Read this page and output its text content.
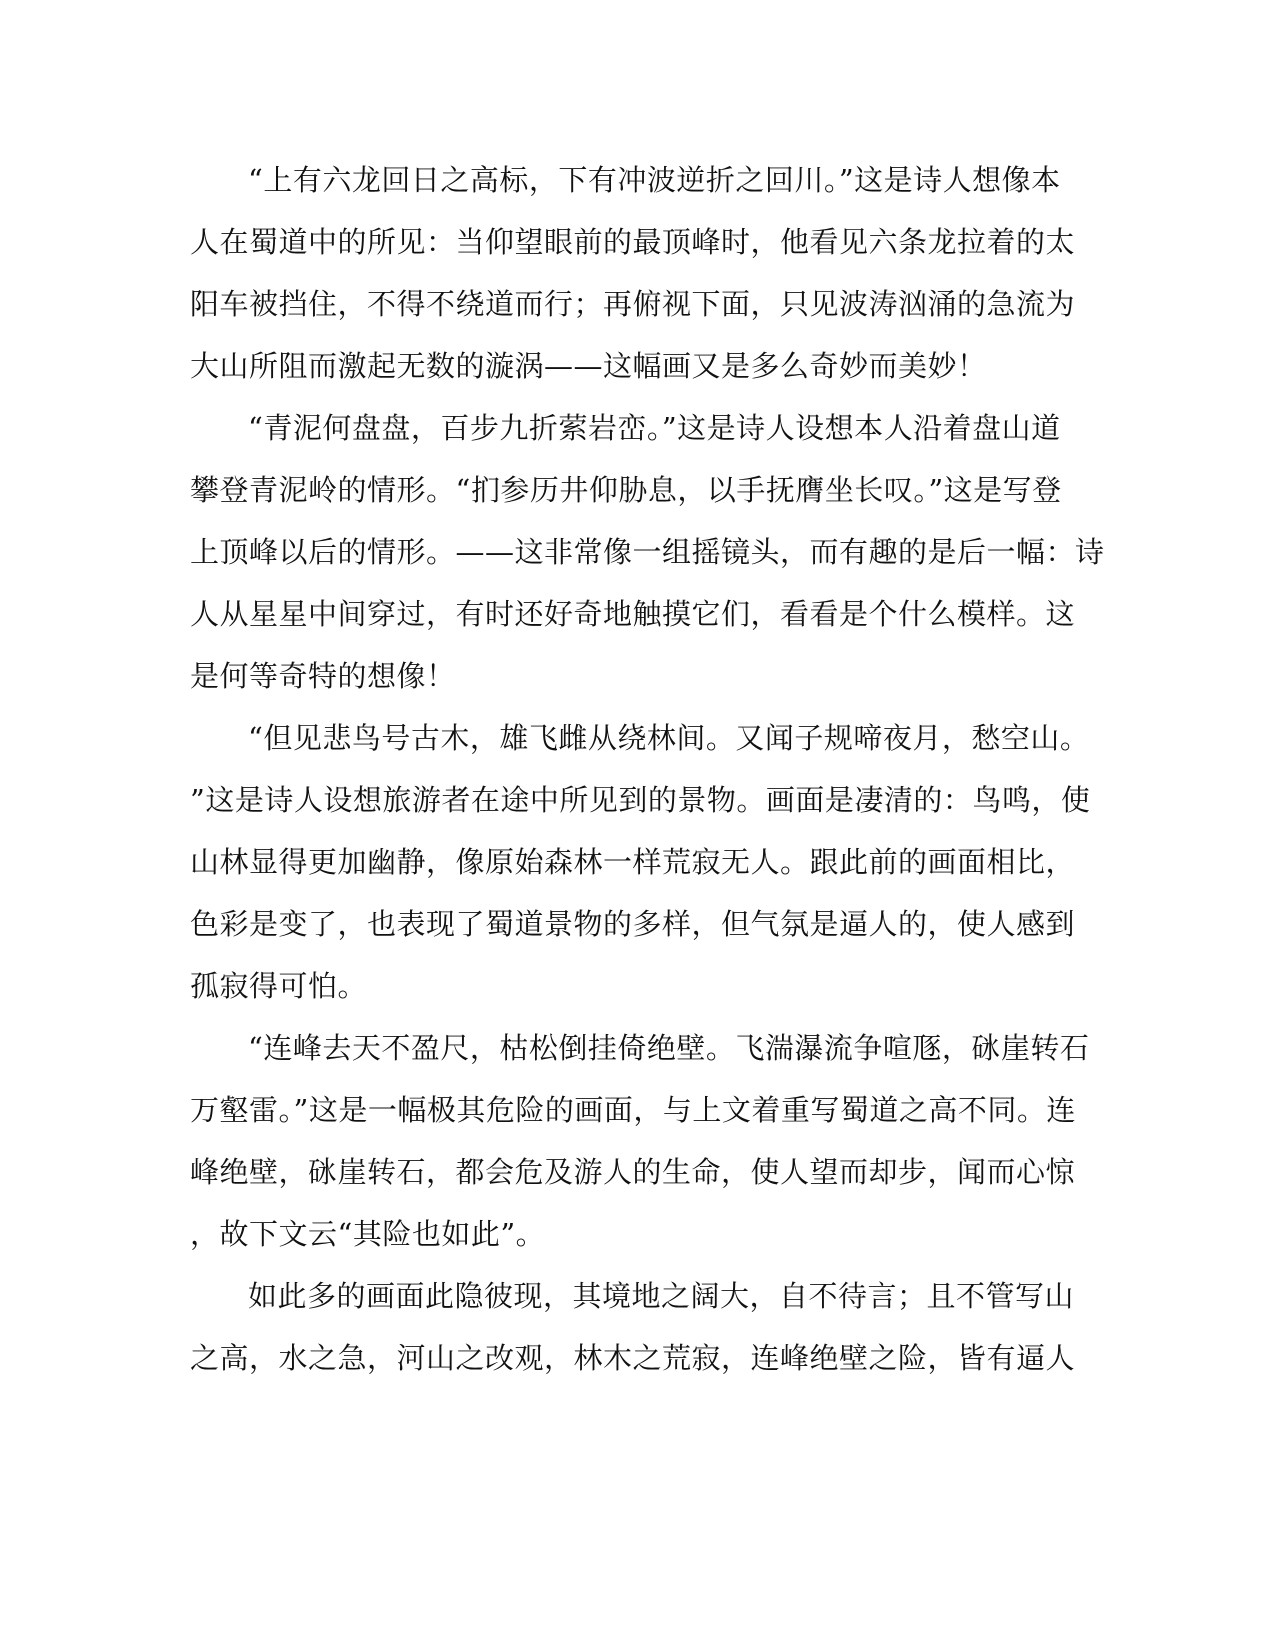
“上有六龙回日之高标，下有冲波逆折之回川。”这是诗人想像本
人在蜀道中的所见：当仰望眼前的最顶峰时，他看见六条龙拉着的太
阳车被挡住，不得不绕道而行；再俯视下面，只见波涛汹涌的急流为
大山所阻而激起无数的漩涡——这幅画又是多么奇妙而美妙！
“青泥何盘盘，百步九折萦岩峦。”这是诗人设想本人沿着盘山道
攀登青泥岭的情形。“扪参历井仰胁息，以手抚膺坐长叹。”这是写登
上顶峰以后的情形。——这非常像一组摇镜头，而有趣的是后一幅：诗
人从星星中间穿过，有时还好奇地触摸它们，看看是个什么模样。这
是何等奇特的想像！
“但见悲鸟号古木，雄飞雌从绕林间。又闻子规啼夜月，愁空山。
”这是诗人设想旅游者在途中所见到的景物。画面是凄清的：鸟鸣，使
山林显得更加幽静，像原始森林一样荒寂无人。跟此前的画面相比，
色彩是变了，也表现了蜀道景物的多样，但气氛是逼人的，使人感到
孤寂得可怕。
“连峰去天不盈尺，枯松倒挂倚绝壁。飞湍瀑流争喧豗，砯崖转石
万壑雷。”这是一幅极其危险的画面，与上文着重写蜀道之高不同。连
峰绝壁，砯崖转石，都会危及游人的生命，使人望而却步，闻而心惊
，故下文云“其险也如此”。
如此多的画面此隐彼现，其境地之阔大，自不待言；且不管写山
之高，水之急，河山之改观，林木之荒寂，连峰绝壁之险，皆有逼人
